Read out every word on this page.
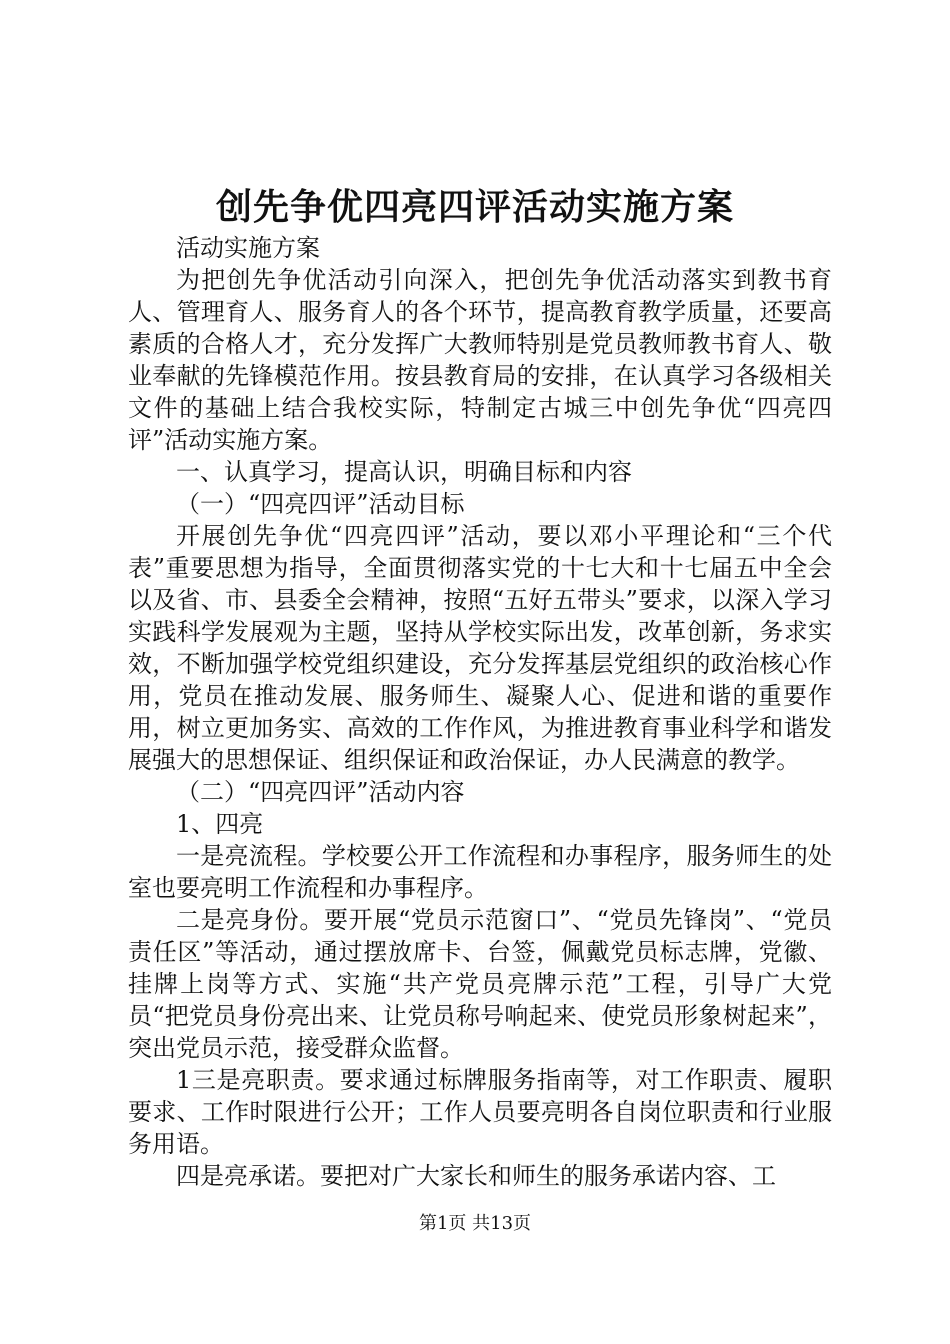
创先争优四亮四评活动实施方案

活动实施方案

为把创先争优活动引向深入，把创先争优活动落实到教书育人、管理育人、服务育人的各个环节，提高教育教学质量，还要高素质的合格人才，充分发挥广大教师特别是党员教师教书育人、敬业奉献的先锋模范作用。按县教育局的安排，在认真学习各级相关文件的基础上结合我校实际，特制定古城三中创先争优“四亮四评”活动实施方案。

一、认真学习，提高认识，明确目标和内容

（一）“四亮四评”活动目标

开展创先争优“四亮四评”活动，要以邓小平理论和“三个代表”重要思想为指导，全面贯彻落实党的十七大和十七届五中全会以及省、市、县委全会精神，按照“五好五带头”要求，以深入学习实践科学发展观为主题，坚持从学校实际出发，改革创新，务求实效，不断加强学校党组织建设，充分发挥基层党组织的政治核心作用，党员在推动发展、服务师生、凝聚人心、促进和谐的重要作用，树立更加务实、高效的工作作风，为推进教育事业科学和谐发展强大的思想保证、组织保证和政治保证，办人民满意的教学。

（二）“四亮四评”活动内容

1、四亮

一是亮流程。学校要公开工作流程和办事程序，服务师生的处室也要亮明工作流程和办事程序。

二是亮身份。要开展“党员示范窗口”、“党员先锋岗”、“党员责任区”等活动，通过摆放席卡、台签，佩戴党员标志牌，党徽、挂牌上岗等方式、实施“共产党员亮牌示范”工程，引导广大党员“把党员身份亮出来、让党员称号响起来、使党员形象树起来”，突出党员示范，接受群众监督。

1三是亮职责。要求通过标牌服务指南等，对工作职责、履职要求、工作时限进行公开；工作人员要亮明各自岗位职责和行业服务用语。

四是亮承诺。要把对广大家长和师生的服务承诺内容、工

第1页 共13页
